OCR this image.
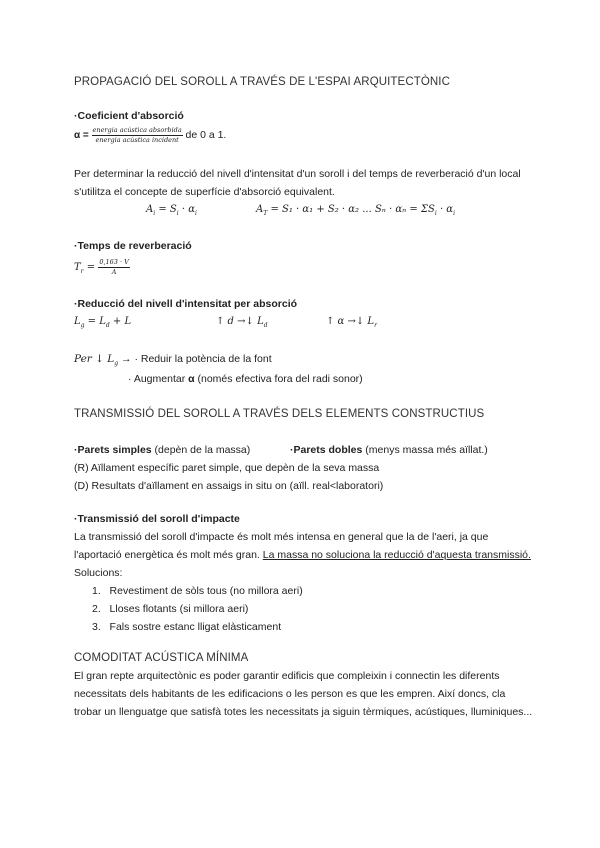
PROPAGACIÓ DEL SOROLL A TRAVÉS DE L'ESPAI ARQUITECTÒNIC
·Coeficient d'absorció
$\alpha = \frac{\text{energia acústica absorbida}}{\text{energia acústica incident}}$ de 0 a 1.
Per determinar la reducció del nivell d'intensitat d'un soroll i del temps de reverberació d'un local s'utilitza el concepte de superfície d'absorció equivalent.
$A_i = S_i \cdot \alpha_i$	$A_T = S_1 \cdot \alpha_1 + S_2 \cdot \alpha_2$ ... $S_n \cdot \alpha_n = \Sigma S_i \cdot \alpha_i$
·Temps de reverberació
$T_r = \frac{0,163 \cdot V}{A}$
·Reducció del nivell d'intensitat per absorció
$L_g = L_d + L$	↑ d →↓ $L_d$	↑ α →↓ $L_r$
Per ↓ $L_g$ → · Reduir la potència de la font
· Augmentar α (només efectiva fora del radi sonor)
TRANSMISSIÓ DEL SOROLL A TRAVÉS DELS ELEMENTS CONSTRUCTIUS
·Parets simples (depèn de la massa)	·Parets dobles (menys massa més aïllat.)
(R) Aïllament específic paret simple, que depèn de la seva massa
(D) Resultats d'aïllament en assaigs in situ on (aïll. real<laboratori)
·Transmissió del soroll d'impacte
La transmissió del soroll d'impacte és molt més intensa en general que la de l'aeri, ja que l'aportació energètica és molt més gran. La massa no soluciona la reducció d'aquesta transmissió. Solucions:
1. Revestiment de sòls tous (no millora aeri)
2. Lloses flotants (si millora aeri)
3. Fals sostre estanc lligat elàsticament
COMODITAT ACÚSTICA MÍNIMA
El gran repte arquitectònic es poder garantir edificis que compleixin i connectin les diferents necessitats dels habitants de les edificacions o les person es que les empren. Així doncs, cla trobar un llenguatge que satisfà totes les necessitats ja siguin tèrmiques, acústiques, lluminiques...
